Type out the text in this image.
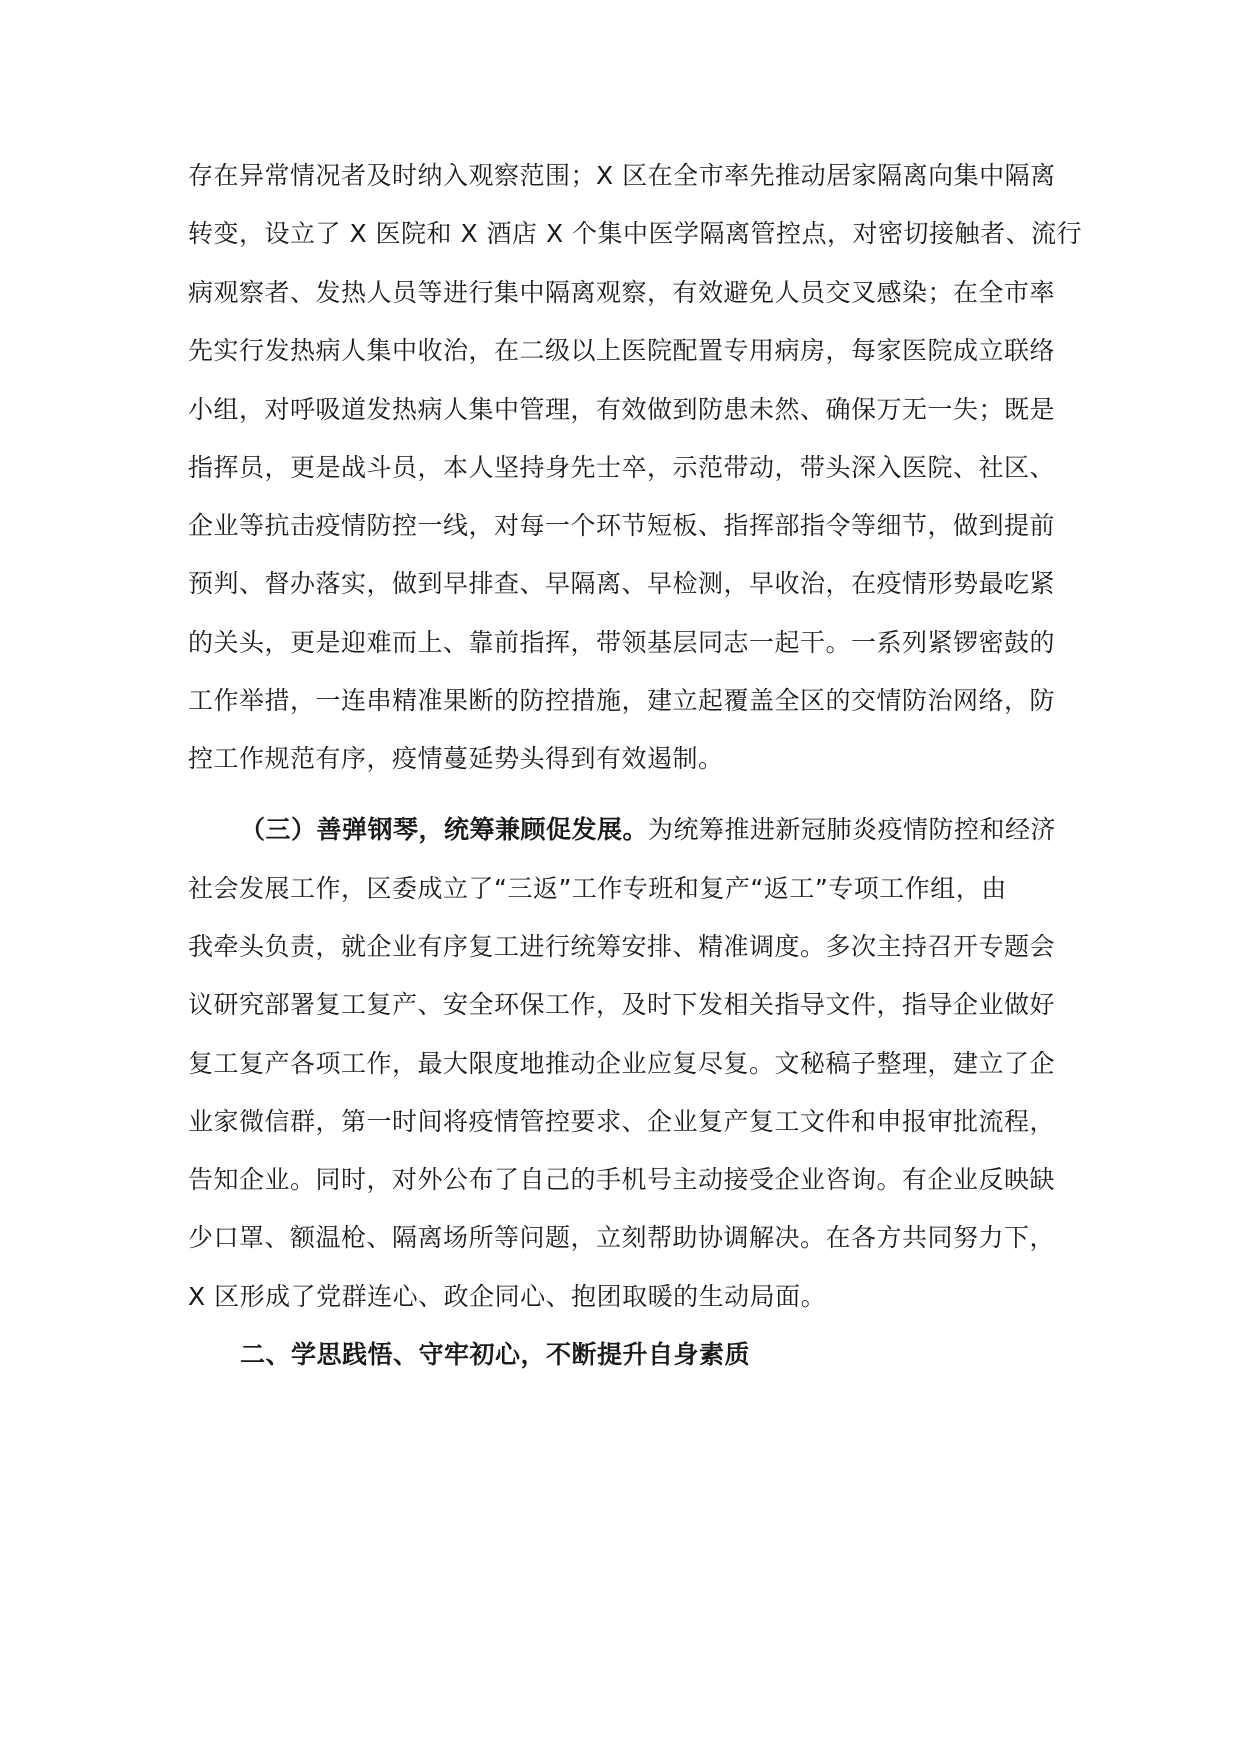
存在异常情况者及时纳入观察范围；X 区在全市率先推动居家隔离向集中隔离
转变，设立了 X 医院和 X 酒店 X 个集中医学隔离管控点，对密切接触者、流行
病观察者、发热人员等进行集中隔离观察，有效避免人员交叉感染；在全市率
先实行发热病人集中收治，在二级以上医院配置专用病房，每家医院成立联络
小组，对呼吸道发热病人集中管理，有效做到防患未然、确保万无一失；既是
指挥员，更是战斗员，本人坚持身先士卒，示范带动，带头深入医院、社区、
企业等抗击疫情防控一线，对每一个环节短板、指挥部指令等细节，做到提前
预判、督办落实，做到早排查、早隔离、早检测，早收治，在疫情形势最吃紧
的关头，更是迎难而上、靠前指挥，带领基层同志一起干。一系列紧锣密鼓的
工作举措，一连串精准果断的防控措施，建立起覆盖全区的交情防治网络，防
控工作规范有序，疫情蔓延势头得到有效遏制。
（三）善弹钢琴，统筹兼顾促发展。为统筹推进新冠肺炎疫情防控和经济
社会发展工作，区委成立了“三返”工作专班和复产“返工”专项工作组，由
我牵头负责，就企业有序复工进行统筹安排、精准调度。多次主持召开专题会
议研究部署复工复产、安全环保工作，及时下发相关指导文件，指导企业做好
复工复产各项工作，最大限度地推动企业应复尽复。文秘稿子整理，建立了企
业家微信群，第一时间将疫情管控要求、企业复产复工文件和申报审批流程，
告知企业。同时，对外公布了自己的手机号主动接受企业咨询。有企业反映缺
少口罩、额温枪、隔离场所等问题，立刻帮助协调解决。在各方共同努力下，
X 区形成了党群连心、政企同心、抱团取暖的生动局面。
二、学思践悟、守牢初心，不断提升自身素质
